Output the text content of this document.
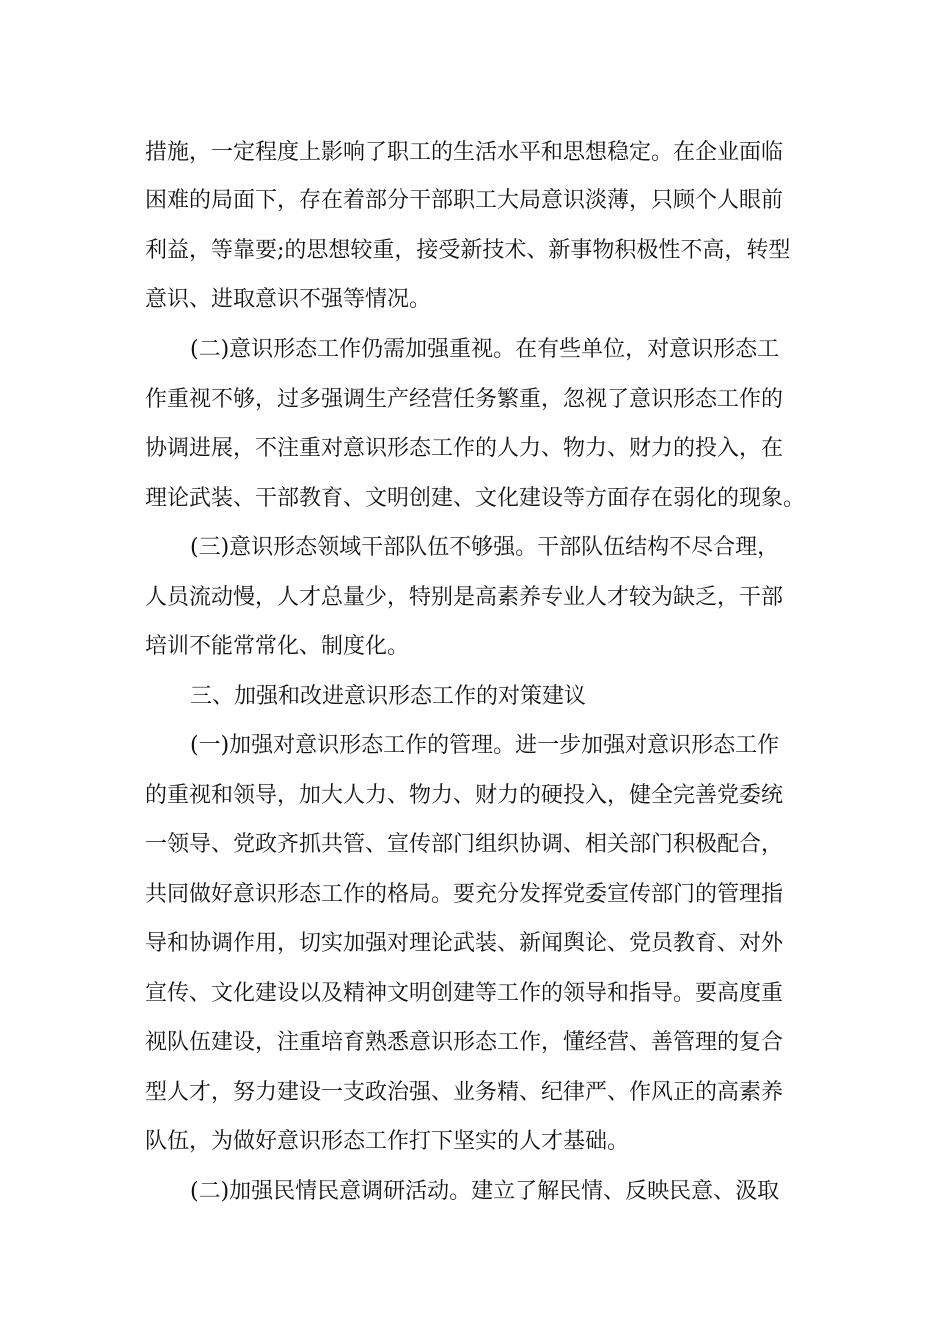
措施，一定程度上影响了职工的生活水平和思想稳定。在企业面临
困难的局面下，存在着部分干部职工大局意识淡薄，只顾个人眼前
利益，等靠要;的思想较重，接受新技术、新事物积极性不高，转型
意识、进取意识不强等情况。
(二)意识形态工作仍需加强重视。在有些单位，对意识形态工
作重视不够，过多强调生产经营任务繁重，忽视了意识形态工作的
协调进展，不注重对意识形态工作的人力、物力、财力的投入，在
理论武装、干部教育、文明创建、文化建设等方面存在弱化的现象。
(三)意识形态领域干部队伍不够强。干部队伍结构不尽合理，
人员流动慢，人才总量少，特别是高素养专业人才较为缺乏，干部
培训不能常常化、制度化。
三、加强和改进意识形态工作的对策建议
(一)加强对意识形态工作的管理。进一步加强对意识形态工作
的重视和领导，加大人力、物力、财力的硬投入，健全完善党委统
一领导、党政齐抓共管、宣传部门组织协调、相关部门积极配合，
共同做好意识形态工作的格局。要充分发挥党委宣传部门的管理指
导和协调作用，切实加强对理论武装、新闻舆论、党员教育、对外
宣传、文化建设以及精神文明创建等工作的领导和指导。要高度重
视队伍建设，注重培育熟悉意识形态工作，懂经营、善管理的复合
型人才，努力建设一支政治强、业务精、纪律严、作风正的高素养
队伍，为做好意识形态工作打下坚实的人才基础。
(二)加强民情民意调研活动。建立了解民情、反映民意、汲取
